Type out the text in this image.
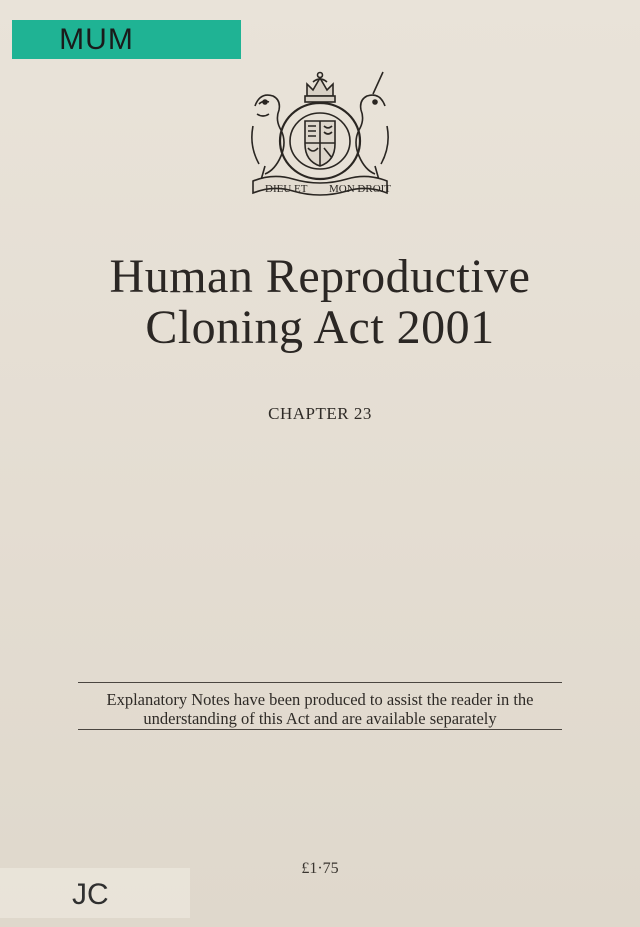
MUM
DIEU ET MON DROIT
Human Reproductive
Cloning Act 2001
CHAPTER 23
Explanatory Notes have been produced to assist the reader in the
understanding of this Act and are available separately
£1·75
JC
